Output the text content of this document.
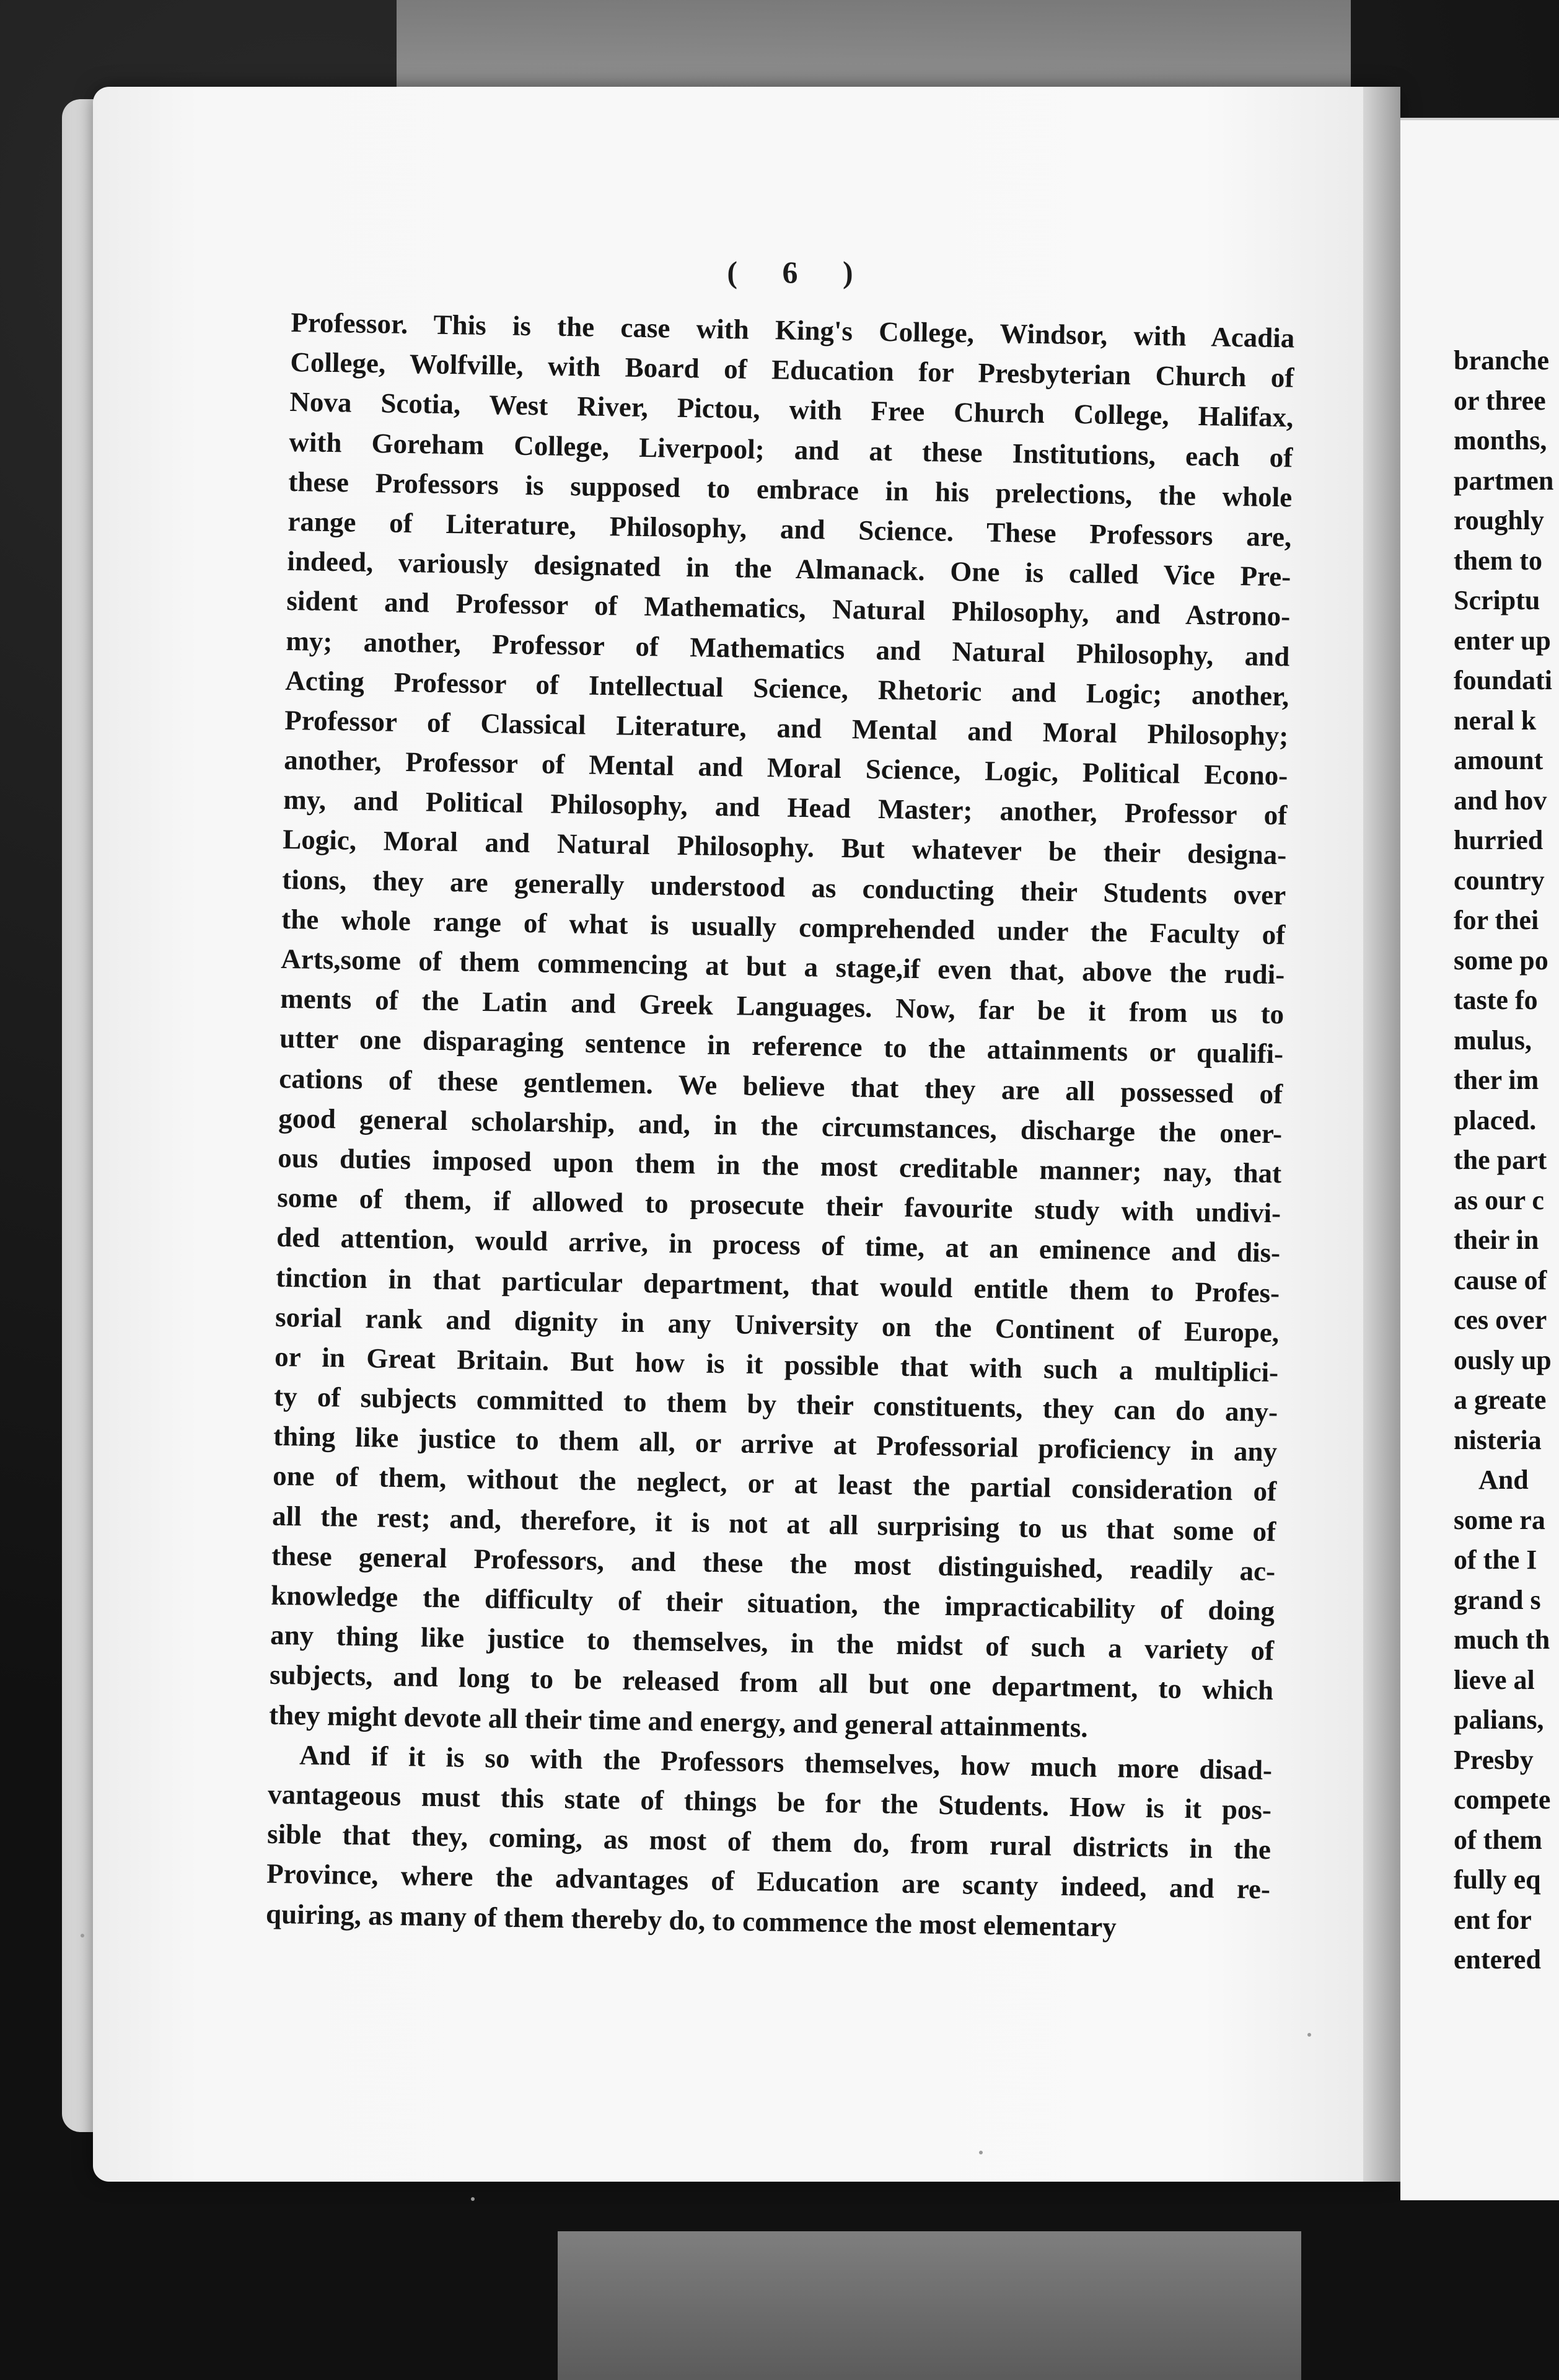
branche
or three
months,
partmen
roughly
them to
Scriptu
enter up
foundati
neral k
amount
and hov
hurried
country
for thei
some po
taste fo
mulus,
ther im
placed.
the part
as our c
their in
cause of
ces over
ously up
a greate
nisteria
And
some ra
of the I
grand s
much th
lieve al
palians,
Presby
compete
of them
fully eq
ent for
entered
( 6 )
Professor. This is the case with King's College, Windsor, with Acadia
College, Wolfville, with Board of Education for Presbyterian Church of
Nova Scotia, West River, Pictou, with Free Church College, Halifax,
with Goreham College, Liverpool; and at these Institutions, each of
these Professors is supposed to embrace in his prelections, the whole
range of Literature, Philosophy, and Science. These Professors are,
indeed, variously designated in the Almanack. One is called Vice Pre-
sident and Professor of Mathematics, Natural Philosophy, and Astrono-
my; another, Professor of Mathematics and Natural Philosophy, and
Acting Professor of Intellectual Science, Rhetoric and Logic; another,
Professor of Classical Literature, and Mental and Moral Philosophy;
another, Professor of Mental and Moral Science, Logic, Political Econo-
my, and Political Philosophy, and Head Master; another, Professor of
Logic, Moral and Natural Philosophy. But whatever be their designa-
tions, they are generally understood as conducting their Students over
the whole range of what is usually comprehended under the Faculty of
Arts,some of them commencing at but a stage,if even that, above the rudi-
ments of the Latin and Greek Languages. Now, far be it from us to
utter one disparaging sentence in reference to the attainments or qualifi-
cations of these gentlemen. We believe that they are all possessed of
good general scholarship, and, in the circumstances, discharge the oner-
ous duties imposed upon them in the most creditable manner; nay, that
some of them, if allowed to prosecute their favourite study with undivi-
ded attention, would arrive, in process of time, at an eminence and dis-
tinction in that particular department, that would entitle them to Profes-
sorial rank and dignity in any University on the Continent of Europe,
or in Great Britain. But how is it possible that with such a multiplici-
ty of subjects committed to them by their constituents, they can do any-
thing like justice to them all, or arrive at Professorial proficiency in any
one of them, without the neglect, or at least the partial consideration of
all the rest; and, therefore, it is not at all surprising to us that some of
these general Professors, and these the most distinguished, readily ac-
knowledge the difficulty of their situation, the impracticability of doing
any thing like justice to themselves, in the midst of such a variety of
subjects, and long to be released from all but one department, to which
they might devote all their time and energy, and general attainments.
And if it is so with the Professors themselves, how much more disad-
vantageous must this state of things be for the Students. How is it pos-
sible that they, coming, as most of them do, from rural districts in the
Province, where the advantages of Education are scanty indeed, and re-
quiring, as many of them thereby do, to commence the most elementary
